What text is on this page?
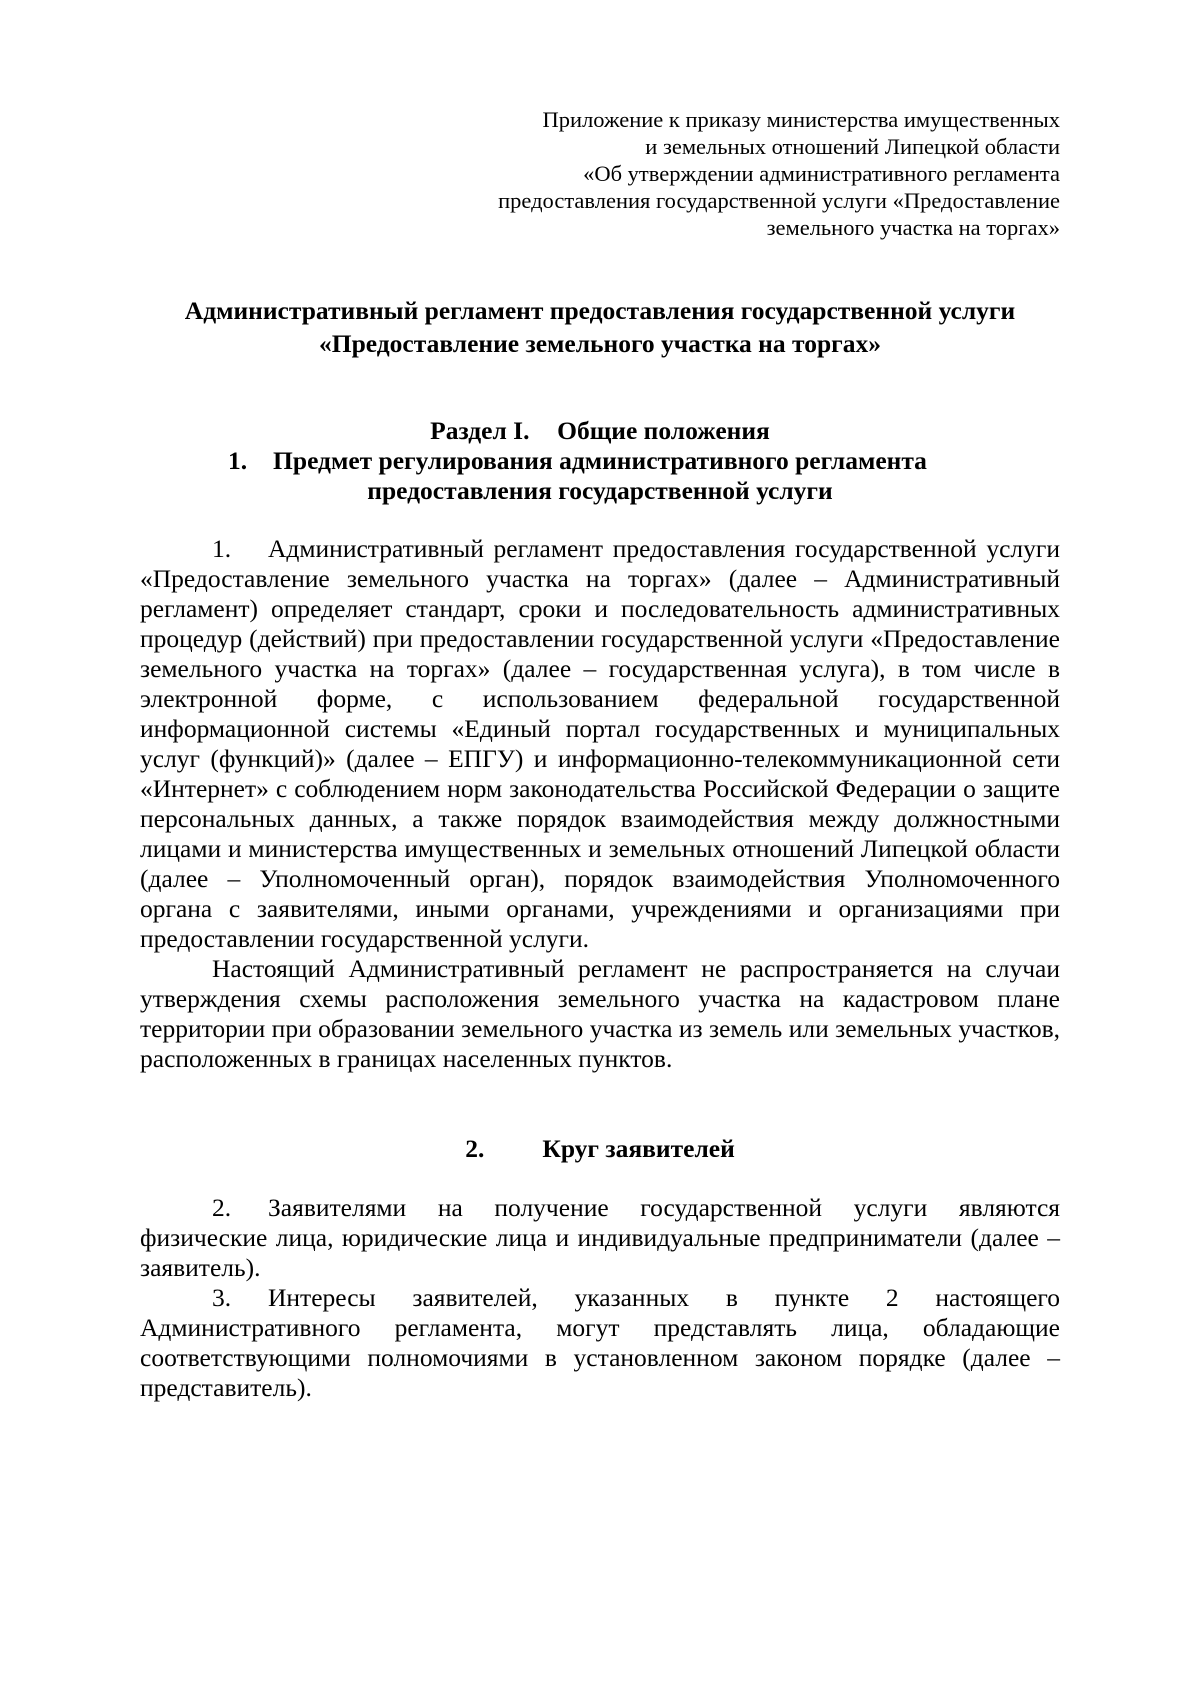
Приложение к приказу министерства имущественных
и земельных отношений Липецкой области
«Об утверждении административного регламента
предоставления государственной услуги «Предоставление
земельного участка на торгах»
Административный регламент предоставления государственной услуги
«Предоставление земельного участка на торгах»
Раздел I. Общие положения
1. Предмет регулирования административного регламента
предоставления государственной услуги

1. Административный регламент предоставления государственной услуги «Предоставление земельного участка на торгах» (далее – Административный регламент) определяет стандарт, сроки и последовательность административных процедур (действий) при предоставлении государственной услуги «Предоставление земельного участка на торгах» (далее – государственная услуга), в том числе в электронной форме, с использованием федеральной государственной информационной системы «Единый портал государственных и муниципальных услуг (функций)» (далее – ЕПГУ) и информационно-телекоммуникационной сети «Интернет» с соблюдением норм законодательства Российской Федерации о защите персональных данных, а также порядок взаимодействия между должностными лицами и министерства имущественных и земельных отношений Липецкой области (далее – Уполномоченный орган), порядок взаимодействия Уполномоченного органа с заявителями, иными органами, учреждениями и организациями при предоставлении государственной услуги.

Настоящий Административный регламент не распространяется на случаи утверждения схемы расположения земельного участка на кадастровом плане территории при образовании земельного участка из земель или земельных участков, расположенных в границах населенных пунктов.

2. Круг заявителей

2. Заявителями на получение государственной услуги являются физические лица, юридические лица и индивидуальные предприниматели (далее – заявитель).

3. Интересы заявителей, указанных в пункте 2 настоящего Административного регламента, могут представлять лица, обладающие соответствующими полномочиями в установленном законом порядке (далее – представитель).
